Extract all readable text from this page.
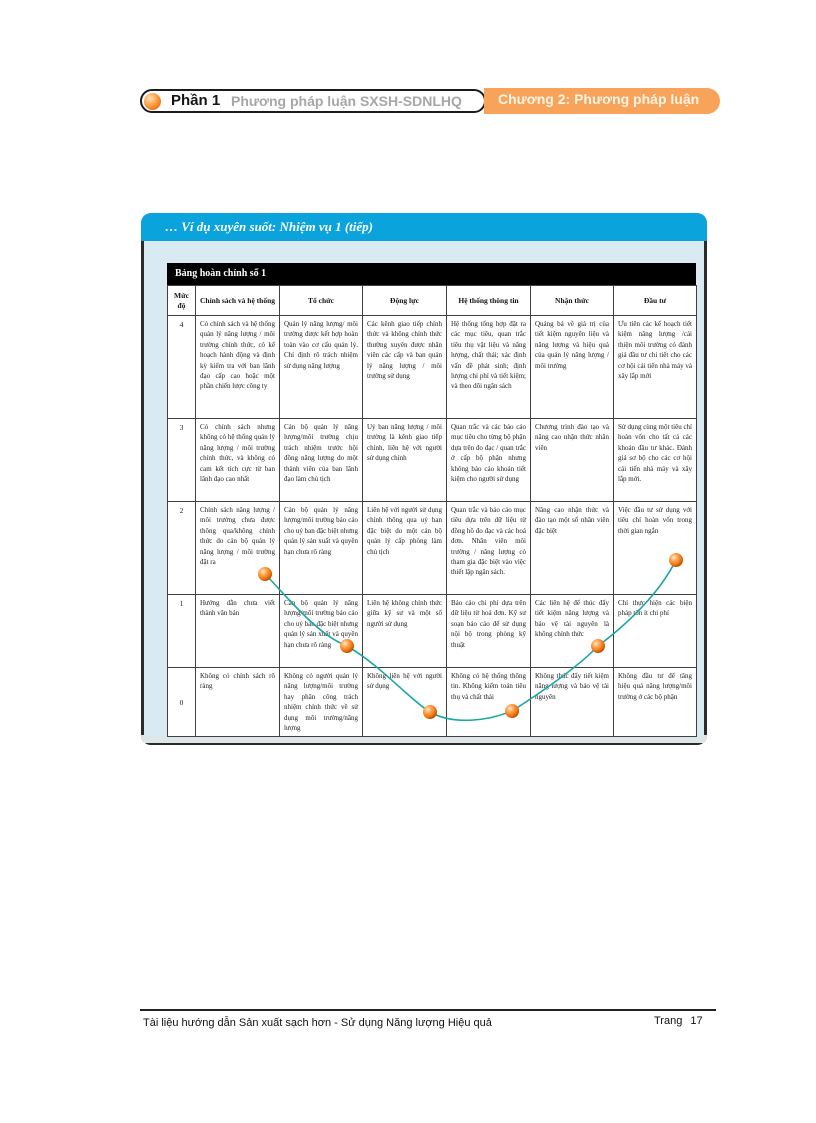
Phần 1 Phương pháp luận SXSH-SDNLHQ	Chương 2: Phương pháp luận
… Ví dụ xuyên suốt: Nhiệm vụ 1 (tiếp)
Bảng hoàn chỉnh số 1
Mức độ	Chính sách và hệ thống	Tổ chức	Động lực	Hệ thống thông tin	Nhận thức	Đầu tư
4	Có chính sách và hệ thống quản lý năng lượng / môi trường chính thức, có kế hoạch hành động và định kỳ kiểm tra với ban lãnh đạo cấp cao hoặc một phần chiến lược công ty	Quản lý năng lượng/ môi trường được kết hợp hoàn toàn vào cơ cấu quản lý. Chỉ định rõ trách nhiệm sử dụng năng lượng	Các kênh giao tiếp chính thức và không chính thức thường xuyên được nhân viên các cấp và ban quản lý năng lượng / môi trường sử dụng	Hệ thống tổng hợp đặt ra các mục tiêu, quan trắc tiêu thụ vật liệu và năng lượng, chất thải; xác định vấn đề phát sinh; định lượng chi phí và tiết kiệm; và theo dõi ngân sách	Quảng bá về giá trị của tiết kiệm nguyên liệu và năng lượng và hiệu quả của quản lý năng lượng / môi trường	Ưu tiên các kế hoạch tiết kiệm năng lượng /cải thiện môi trường có đánh giá đầu tư chi tiết cho các cơ hội cải tiến nhà máy và xây lắp mới
3	Có chính sách nhưng không có hệ thống quản lý năng lượng / môi trường chính thức, và không có cam kết tích cực từ ban lãnh đạo cao nhất	Cán bộ quản lý năng lượng/môi trường chịu trách nhiệm trước hội đồng năng lượng do một thành viên của ban lãnh đạo làm chủ tịch	Uỷ ban năng lượng / môi trường là kênh giao tiếp chính, liên hệ với người sử dụng chính	Quan trắc và các báo cáo mục tiêu cho từng bộ phận dựa trên đo đạc / quan trắc ở cấp bộ phận nhưng không báo cáo khoản tiết kiệm cho người sử dụng	Chương trình đào tạo và nâng cao nhận thức nhân viên	Sử dụng cùng một tiêu chí hoàn vốn cho tất cả các khoản đầu tư khác. Đánh giá sơ bộ cho các cơ hội cải tiến nhà máy và xây lắp mới.
2	Chính sách năng lượng / môi trường chưa được thông qua/không chính thức do cán bộ quản lý năng lượng / môi trường đặt ra	Cán bộ quản lý năng lượng/môi trường báo cáo cho uỷ ban đặc biệt nhưng quản lý sản xuất và quyền hạn chưa rõ ràng	Liên hệ với người sử dụng chính thông qua uỷ ban đặc biệt do một cán bộ quản lý cấp phòng làm chủ tịch	Quan trắc và báo cáo mục tiêu dựa trên dữ liệu từ đồng hồ đo đạc và các hoá đơn. Nhân viên môi trường / năng lượng có tham gia đặc biệt vào việc thiết lập ngân sách.	Nâng cao nhận thức và đào tạo một số nhân viên đặc biệt	Việc đầu tư sử dụng với tiêu chí hoàn vốn trong thời gian ngắn
1	Hướng dẫn chưa viết thành văn bản	Cán bộ quản lý năng lượng/môi trường báo cáo cho uỷ ban đặc biệt nhưng quản lý sản xuất và quyền hạn chưa rõ ràng	Liên hệ không chính thức giữa kỹ sư và một số người sử dụng	Báo cáo chi phí dựa trên dữ liệu từ hoá đơn. Kỹ sư soạn báo cáo để sử dụng nội bộ trong phòng kỹ thuật	Các liên hệ để thúc đẩy tiết kiệm năng lượng và bảo vệ tài nguyên là không chính thức	Chỉ thực hiện các biện pháp tốn ít chi phí
0	Không có chính sách rõ ràng	Không có người quản lý năng lượng/môi trường hay phân công trách nhiệm chính thức về sử dụng môi trường/năng lượng	Không liên hệ với người sử dụng	Không có hệ thống thông tin. Không kiểm toán tiêu thụ và chất thải	Không thúc đẩy tiết kiệm năng lượng và bảo vệ tài nguyên	Không đầu tư để tăng hiệu quả năng lượng/môi trường ở các bộ phận
Tài liệu hướng dẫn Sản xuất sạch hơn - Sử dụng Năng lượng Hiệu quả	Trang 17
